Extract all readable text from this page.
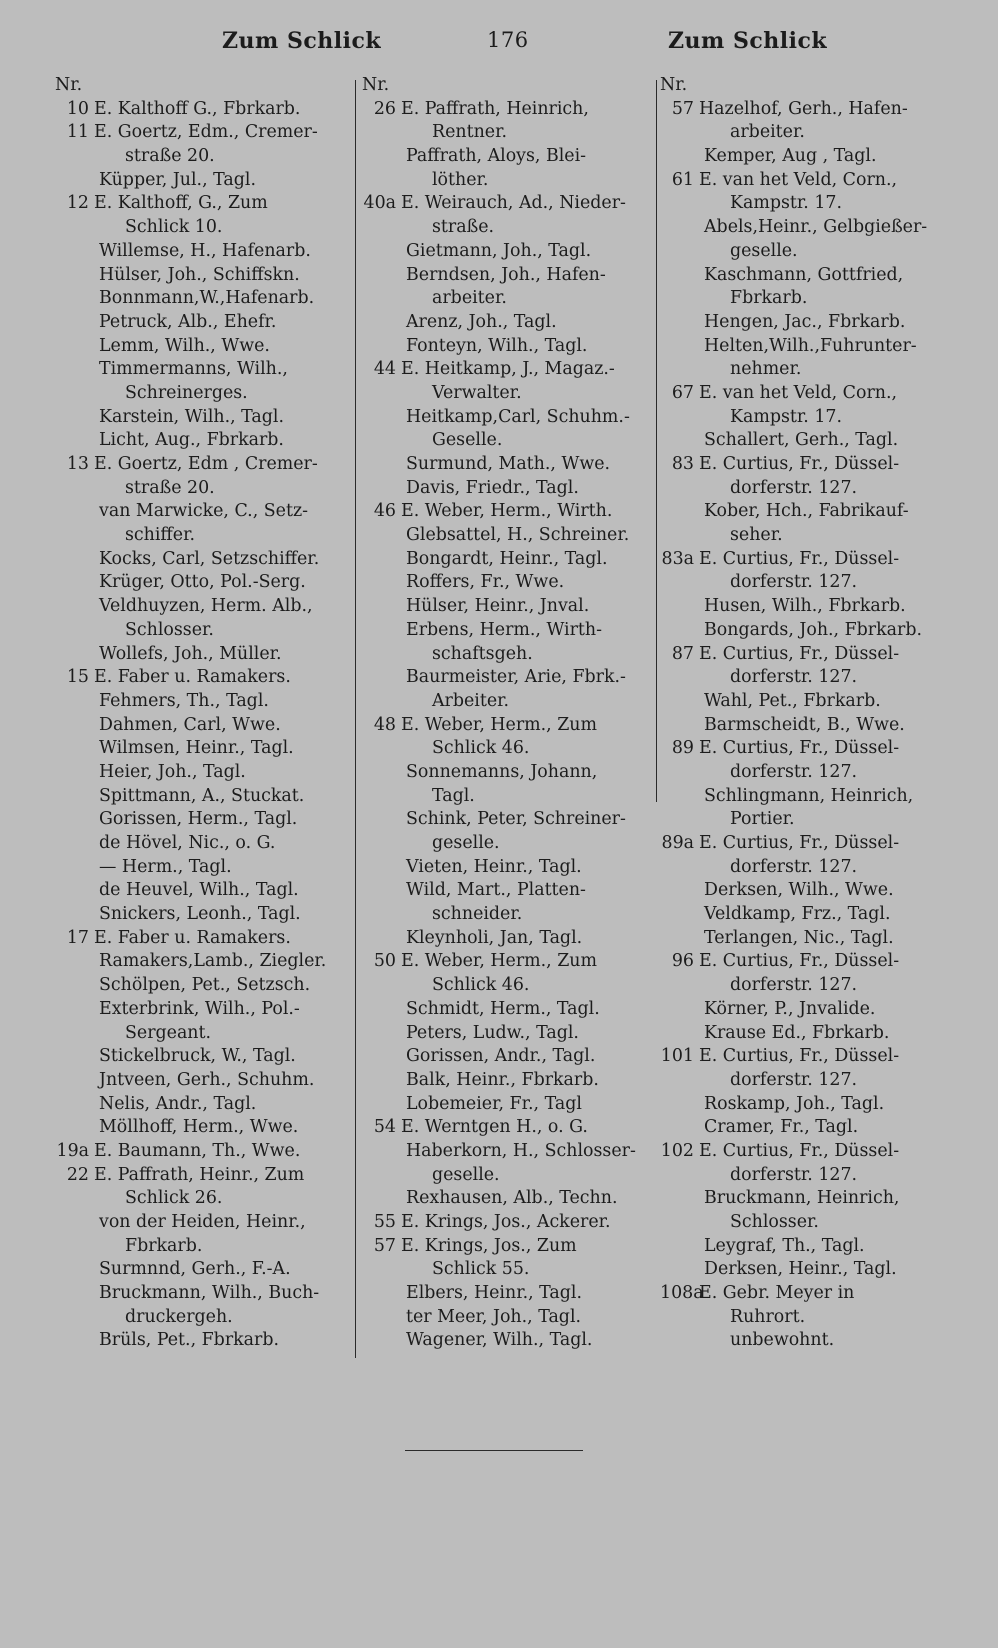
Zum Schlick	176	Zum Schlick
Nr.
10 E. Kalthoff G., Fbrkarb.
11 E. Goertz, Edm., Cremer-
straße 20.
Küpper, Jul., Tagl.
12 E. Kalthoff, G., Zum
Schlick 10.
Willemse, H., Hafenarb.
Hülser, Joh., Schiffskn.
Bonnmann,W.,Hafenarb.
Petruck, Alb., Ehefr.
Lemm, Wilh., Wwe.
Timmermanns, Wilh.,
Schreinerges.
Karstein, Wilh., Tagl.
Licht, Aug., Fbrkarb.
13 E. Goertz, Edm , Cremer-
straße 20.
van Marwicke, C., Setz-
schiffer.
Kocks, Carl, Setzschiffer.
Krüger, Otto, Pol.-Serg.
Veldhuyzen, Herm. Alb.,
Schlosser.
Wollefs, Joh., Müller.
15 E. Faber u. Ramakers.
Fehmers, Th., Tagl.
Dahmen, Carl, Wwe.
Wilmsen, Heinr., Tagl.
Heier, Joh., Tagl.
Spittmann, A., Stuckat.
Gorissen, Herm., Tagl.
de Hövel, Nic., o. G.
— Herm., Tagl.
de Heuvel, Wilh., Tagl.
Snickers, Leonh., Tagl.
17 E. Faber u. Ramakers.
Ramakers,Lamb., Ziegler.
Schölpen, Pet., Setzsch.
Exterbrink, Wilh., Pol.-
Sergeant.
Stickelbruck, W., Tagl.
Jntveen, Gerh., Schuhm.
Nelis, Andr., Tagl.
Möllhoff, Herm., Wwe.
19a E. Baumann, Th., Wwe.
22 E. Paffrath, Heinr., Zum
Schlick 26.
von der Heiden, Heinr.,
Fbrkarb.
Surmnnd, Gerh., F.-A.
Bruckmann, Wilh., Buch-
druckergeh.
Brüls, Pet., Fbrkarb.
Nr.
26 E. Paffrath, Heinrich,
Rentner.
Paffrath, Aloys, Blei-
löther.
40a E. Weirauch, Ad., Nieder-
straße.
Gietmann, Joh., Tagl.
Berndsen, Joh., Hafen-
arbeiter.
Arenz, Joh., Tagl.
Fonteyn, Wilh., Tagl.
44 E. Heitkamp, J., Magaz.-
Verwalter.
Heitkamp,Carl, Schuhm.-
Geselle.
Surmund, Math., Wwe.
Davis, Friedr., Tagl.
46 E. Weber, Herm., Wirth.
Glebsattel, H., Schreiner.
Bongardt, Heinr., Tagl.
Roffers, Fr., Wwe.
Hülser, Heinr., Jnval.
Erbens, Herm., Wirth-
schaftsgeh.
Baurmeister, Arie, Fbrk.-
Arbeiter.
48 E. Weber, Herm., Zum
Schlick 46.
Sonnemanns, Johann,
Tagl.
Schink, Peter, Schreiner-
geselle.
Vieten, Heinr., Tagl.
Wild, Mart., Platten-
schneider.
Kleynholi, Jan, Tagl.
50 E. Weber, Herm., Zum
Schlick 46.
Schmidt, Herm., Tagl.
Peters, Ludw., Tagl.
Gorissen, Andr., Tagl.
Balk, Heinr., Fbrkarb.
Lobemeier, Fr., Tagl
54 E. Werntgen H., o. G.
Haberkorn, H., Schlosser-
geselle.
Rexhausen, Alb., Techn.
55 E. Krings, Jos., Ackerer.
57 E. Krings, Jos., Zum
Schlick 55.
Elbers, Heinr., Tagl.
ter Meer, Joh., Tagl.
Wagener, Wilh., Tagl.
Nr.
57 Hazelhof, Gerh., Hafen-
arbeiter.
Kemper, Aug , Tagl.
61 E. van het Veld, Corn.,
Kampstr. 17.
Abels,Heinr., Gelbgießer-
geselle.
Kaschmann, Gottfried,
Fbrkarb.
Hengen, Jac., Fbrkarb.
Helten,Wilh.,Fuhrunter-
nehmer.
67 E. van het Veld, Corn.,
Kampstr. 17.
Schallert, Gerh., Tagl.
83 E. Curtius, Fr., Düssel-
dorferstr. 127.
Kober, Hch., Fabrikauf-
seher.
83a E. Curtius, Fr., Düssel-
dorferstr. 127.
Husen, Wilh., Fbrkarb.
Bongards, Joh., Fbrkarb.
87 E. Curtius, Fr., Düssel-
dorferstr. 127.
Wahl, Pet., Fbrkarb.
Barmscheidt, B., Wwe.
89 E. Curtius, Fr., Düssel-
dorferstr. 127.
Schlingmann, Heinrich,
Portier.
89a E. Curtius, Fr., Düssel-
dorferstr. 127.
Derksen, Wilh., Wwe.
Veldkamp, Frz., Tagl.
Terlangen, Nic., Tagl.
96 E. Curtius, Fr., Düssel-
dorferstr. 127.
Körner, P., Jnvalide.
Krause Ed., Fbrkarb.
101 E. Curtius, Fr., Düssel-
dorferstr. 127.
Roskamp, Joh., Tagl.
Cramer, Fr., Tagl.
102 E. Curtius, Fr., Düssel-
dorferstr. 127.
Bruckmann, Heinrich,
Schlosser.
Leygraf, Th., Tagl.
Derksen, Heinr., Tagl.
108aE. Gebr. Meyer in
Ruhrort.
unbewohnt.
